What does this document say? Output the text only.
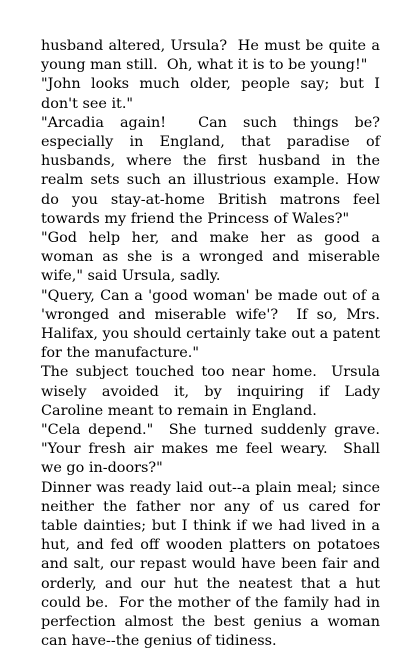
husband altered, Ursula?  He must be quite a young man still.  Oh, what it is to be young!"

"John looks much older, people say; but I don't see it."

"Arcadia again!  Can such things be? especially in England, that paradise of husbands, where the first husband in the realm sets such an illustrious example. How do you stay-at-home British matrons feel towards my friend the Princess of Wales?"

"God help her, and make her as good a woman as she is a wronged and miserable wife," said Ursula, sadly.

"Query, Can a 'good woman' be made out of a 'wronged and miserable wife'?  If so, Mrs. Halifax, you should certainly take out a patent for the manufacture."

The subject touched too near home.  Ursula wisely avoided it, by inquiring if Lady Caroline meant to remain in England.

"Cela depend."  She turned suddenly grave.  "Your fresh air makes me feel weary.  Shall we go in-doors?"

Dinner was ready laid out--a plain meal; since neither the father nor any of us cared for table dainties; but I think if we had lived in a hut, and fed off wooden platters on potatoes and salt, our repast would have been fair and orderly, and our hut the neatest that a hut could be.  For the mother of the family had in perfection almost the best genius a woman can have--the genius of tidiness.
